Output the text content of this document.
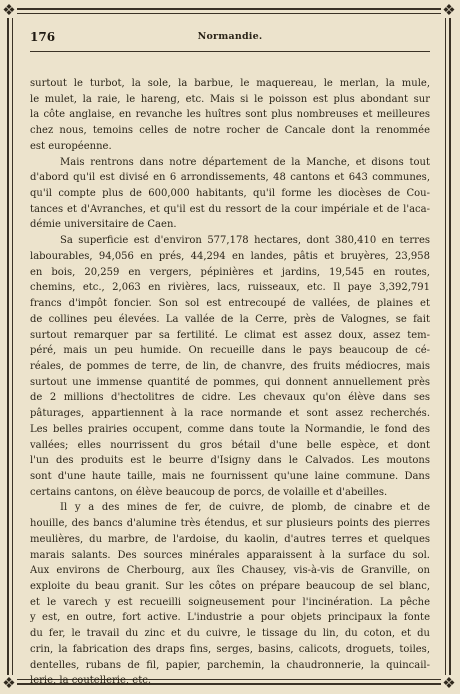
❖	❖
❖	❖
176	Normandie.
surtout le turbot, la sole, la barbue, le maquereau, le merlan, la mule,
le mulet, la raie, le hareng, etc. Mais si le poisson est plus abondant sur
la côte anglaise, en revanche les huîtres sont plus nombreuses et meilleures
chez nous, temoins celles de notre rocher de Cancale dont la renommée
est européenne.
Mais rentrons dans notre département de la Manche, et disons tout
d'abord qu'il est divisé en 6 arrondissements, 48 cantons et 643 communes,
qu'il compte plus de 600,000 habitants, qu'il forme les diocèses de Cou-
tances et d'Avranches, et qu'il est du ressort de la cour impériale et de l'aca-
démie universitaire de Caen.
Sa superficie est d'environ 577,178 hectares, dont 380,410 en terres
labourables, 94,056 en prés, 44,294 en landes, pâtis et bruyères, 23,958
en bois, 20,259 en vergers, pépinières et jardins, 19,545 en routes,
chemins, etc., 2,063 en rivières, lacs, ruisseaux, etc. Il paye 3,392,791
francs d'impôt foncier. Son sol est entrecoupé de vallées, de plaines et
de collines peu élevées. La vallée de la Cerre, près de Valognes, se fait
surtout remarquer par sa fertilité. Le climat est assez doux, assez tem-
péré, mais un peu humide. On recueille dans le pays beaucoup de cé-
réales, de pommes de terre, de lin, de chanvre, des fruits médiocres, mais
surtout une immense quantité de pommes, qui donnent annuellement près
de 2 millions d'hectolitres de cidre. Les chevaux qu'on élève dans ses
pâturages, appartiennent à la race normande et sont assez recherchés.
Les belles prairies occupent, comme dans toute la Normandie, le fond des
vallées; elles nourrissent du gros bétail d'une belle espèce, et dont
l'un des produits est le beurre d'Isigny dans le Calvados. Les moutons
sont d'une haute taille, mais ne fournissent qu'une laine commune. Dans
certains cantons, on élève beaucoup de porcs, de volaille et d'abeilles.
Il y a des mines de fer, de cuivre, de plomb, de cinabre et de
houille, des bancs d'alumine très étendus, et sur plusieurs points des pierres
meulières, du marbre, de l'ardoise, du kaolin, d'autres terres et quelques
marais salants. Des sources minérales apparaissent à la surface du sol.
Aux environs de Cherbourg, aux îles Chausey, vis-à-vis de Granville, on
exploite du beau granit. Sur les côtes on prépare beaucoup de sel blanc,
et le varech y est recueilli soigneusement pour l'incinération. La pêche
y est, en outre, fort active. L'industrie a pour objets principaux la fonte
du fer, le travail du zinc et du cuivre, le tissage du lin, du coton, et du
crin, la fabrication des draps fins, serges, basins, calicots, droguets, toiles,
dentelles, rubans de fil, papier, parchemin, la chaudronnerie, la quincail-
lerie, la coutellerie, etc.
